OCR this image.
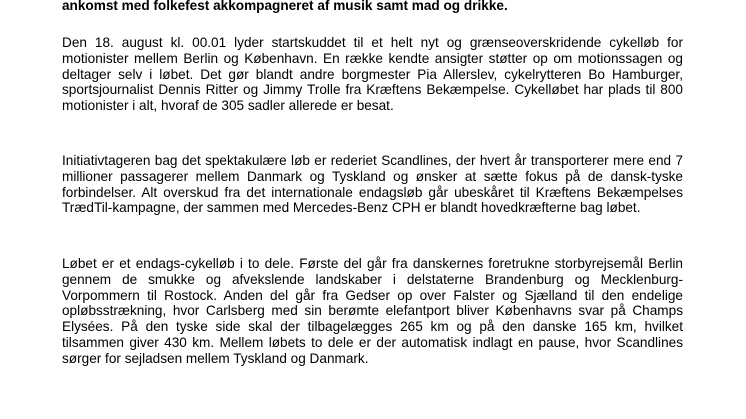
ankomst med folkefest akkompagneret af musik samt mad og drikke.

Den 18. august kl. 00.01 lyder startskuddet til et helt nyt og grænseoverskridende cykelløb for motionister mellem Berlin og København. En række kendte ansigter støtter op om motionssagen og deltager selv i løbet. Det gør blandt andre borgmester Pia Allerslev, cykelrytteren Bo Hamburger, sportsjournalist Dennis Ritter og Jimmy Trolle fra Kræftens Bekæmpelse. Cykelløbet har plads til 800 motionister i alt, hvoraf de 305 sadler allerede er besat.

Initiativtageren bag det spektakulære løb er rederiet Scandlines, der hvert år transporterer mere end 7 millioner passagerer mellem Danmark og Tyskland og ønsker at sætte fokus på de dansk-tyske forbindelser. Alt overskud fra det internationale endagsløb går ubeskåret til Kræftens Bekæmpelses TrædTil-kampagne, der sammen med Mercedes-Benz CPH er blandt hovedkræfterne bag løbet.

Løbet er et endags-cykelløb i to dele. Første del går fra danskernes foretrukne storbyrejsemål Berlin gennem de smukke og afvekslende landskaber i delstaterne Brandenburg og Mecklenburg-Vorpommern til Rostock. Anden del går fra Gedser op over Falster og Sjælland til den endelige opløbsstrækning, hvor Carlsberg med sin berømte elefantport bliver Københavns svar på Champs Elysées. På den tyske side skal der tilbagelægges 265 km og på den danske 165 km, hvilket tilsammen giver 430 km. Mellem løbets to dele er der automatisk indlagt en pause, hvor Scandlines sørger for sejladsen mellem Tyskland og Danmark.
